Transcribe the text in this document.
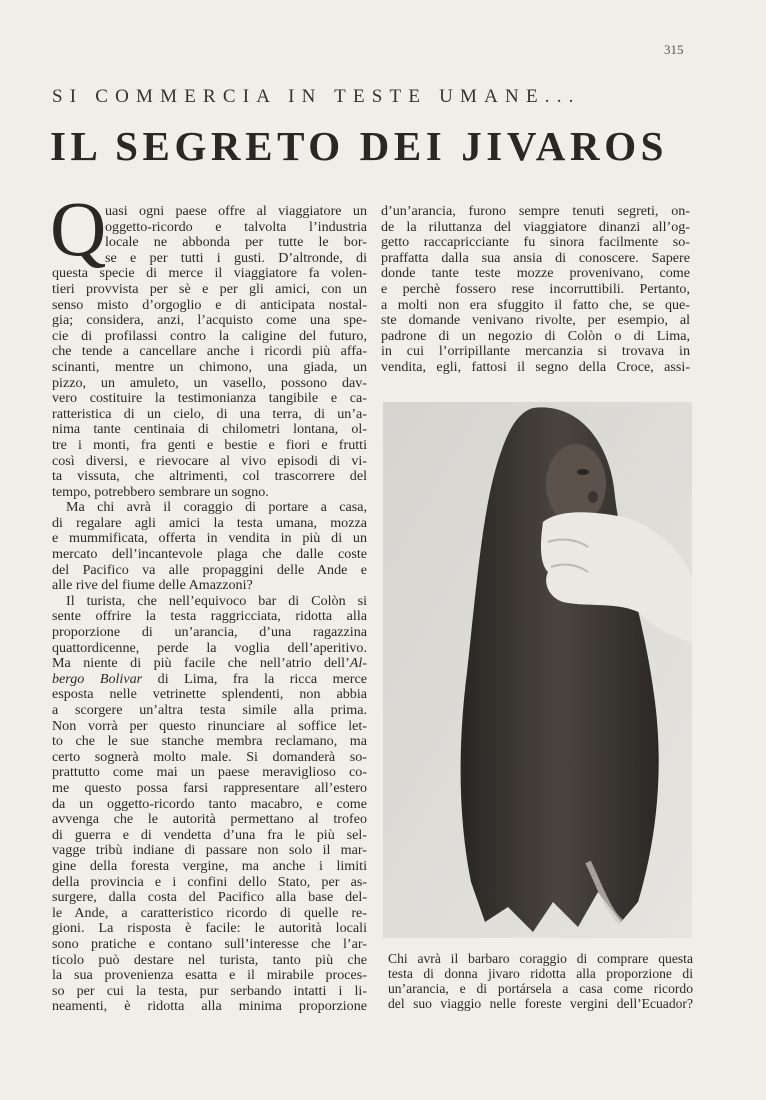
315
SI COMMERCIA IN TESTE UMANE...
IL SEGRETO DEI JIVAROS
Q
uasi ogni paese offre al viaggiatore un
oggetto-ricordo e talvolta l’industria
locale ne abbonda per tutte le bor-
se e per tutti i gusti. D’altronde, di
questa specie di merce il viaggiatore fa volen-
tieri provvista per sè e per gli amici, con un
senso misto d’orgoglio e di anticipata nostal-
gia; considera, anzi, l’acquisto come una spe-
cie di profilassi contro la caligine del futuro,
che tende a cancellare anche i ricordi più affa-
scinanti, mentre un chimono, una giada, un
pizzo, un amuleto, un vasello, possono dav-
vero costituire la testimonianza tangibile e ca-
ratteristica di un cielo, di una terra, di un’a-
nima tante centinaia di chilometri lontana, ol-
tre i monti, fra genti e bestie e fiori e frutti
così diversi, e rievocare al vivo episodi di vi-
ta vissuta, che altrimenti, col trascorrere del
tempo, potrebbero sembrare un sogno.
Ma chi avrà il coraggio di portare a casa,
di regalare agli amici la testa umana, mozza
e mummificata, offerta in vendita in più di un
mercato dell’incantevole plaga che dalle coste
del Pacifico va alle propaggini delle Ande e
alle rive del fiume delle Amazzoni?
Il turista, che nell’equivoco bar di Colòn si
sente offrire la testa raggricciata, ridotta alla
proporzione di un’arancia, d’una ragazzina
quattordicenne, perde la voglia dell’aperitivo.
Ma niente di più facile che nell’atrio dell’Al-
bergo Bolivar di Lima, fra la ricca merce
esposta nelle vetrinette splendenti, non abbia
a scorgere un’altra testa simile alla prima.
Non vorrà per questo rinunciare al soffice let-
to che le sue stanche membra reclamano, ma
certo sognerà molto male. Si domanderà so-
prattutto come mai un paese meraviglioso co-
me questo possa farsi rappresentare all’estero
da un oggetto-ricordo tanto macabro, e come
avvenga che le autorità permettano al trofeo
di guerra e di vendetta d’una fra le più sel-
vagge tribù indiane di passare non solo il mar-
gine della foresta vergine, ma anche i limiti
della provincia e i confini dello Stato, per as-
surgere, dalla costa del Pacifico alla base del-
le Ande, a caratteristico ricordo di quelle re-
gioni. La risposta è facile: le autorità locali
sono pratiche e contano sull’interesse che l’ar-
ticolo può destare nel turista, tanto più che
la sua provenienza esatta e il mirabile proces-
so per cui la testa, pur serbando intatti i li-
neamenti, è ridotta alla minima proporzione
d’un’arancia, furono sempre tenuti segreti, on-
de la riluttanza del viaggiatore dinanzi all’og-
getto raccapricciante fu sinora facilmente so-
praffatta dalla sua ansia di conoscere. Sapere
donde tante teste mozze provenivano, come
e perchè fossero rese incorruttibili. Pertanto,
a molti non era sfuggito il fatto che, se que-
ste domande venivano rivolte, per esempio, al
padrone di un negozio di Colòn o di Lima,
in cui l’orripillante mercanzia si trovava in
vendita, egli, fattosi il segno della Croce, assi-
Chi avrà il barbaro coraggio di comprare questa
testa di donna jivaro ridotta alla proporzione di
un’arancia, e di portársela a casa come ricordo
del suo viaggio nelle foreste vergini dell’Ecuador?
